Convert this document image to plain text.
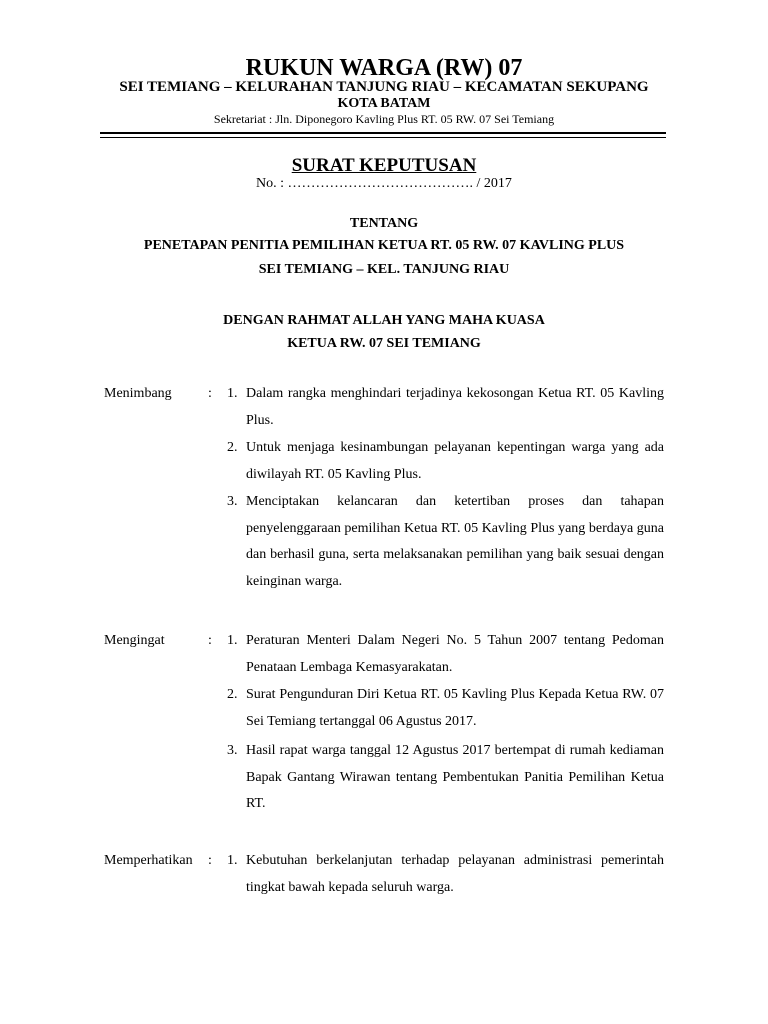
RUKUN WARGA (RW) 07
SEI TEMIANG – KELURAHAN TANJUNG RIAU – KECAMATAN SEKUPANG
KOTA BATAM
Sekretariat : Jln. Diponegoro Kavling Plus RT. 05 RW. 07 Sei Temiang
SURAT KEPUTUSAN
No. : …………………………………. / 2017
TENTANG
PENETAPAN PENITIA PEMILIHAN KETUA RT. 05 RW. 07 KAVLING PLUS
SEI TEMIANG – KEL. TANJUNG RIAU
DENGAN RAHMAT ALLAH YANG MAHA KUASA
KETUA RW. 07 SEI TEMIANG
Menimbang	: 1. Dalam rangka menghindari terjadinya kekosongan Ketua RT. 05 Kavling Plus.
2. Untuk menjaga kesinambungan pelayanan kepentingan warga yang ada diwilayah RT. 05 Kavling Plus.
3. Menciptakan kelancaran dan ketertiban proses dan tahapan penyelenggaraan pemilihan Ketua RT. 05 Kavling Plus yang berdaya guna dan berhasil guna, serta melaksanakan pemilihan yang baik sesuai dengan keinginan warga.
Mengingat	: 1. Peraturan Menteri Dalam Negeri No. 5 Tahun 2007 tentang Pedoman Penataan Lembaga Kemasyarakatan.
2. Surat Pengunduran Diri Ketua RT. 05 Kavling Plus Kepada Ketua RW. 07 Sei Temiang tertanggal 06 Agustus 2017.
3. Hasil rapat warga tanggal 12 Agustus 2017 bertempat di rumah kediaman Bapak Gantang Wirawan tentang Pembentukan Panitia Pemilihan Ketua RT.
Memperhatikan : 1. Kebutuhan berkelanjutan terhadap pelayanan administrasi pemerintah tingkat bawah kepada seluruh warga.
